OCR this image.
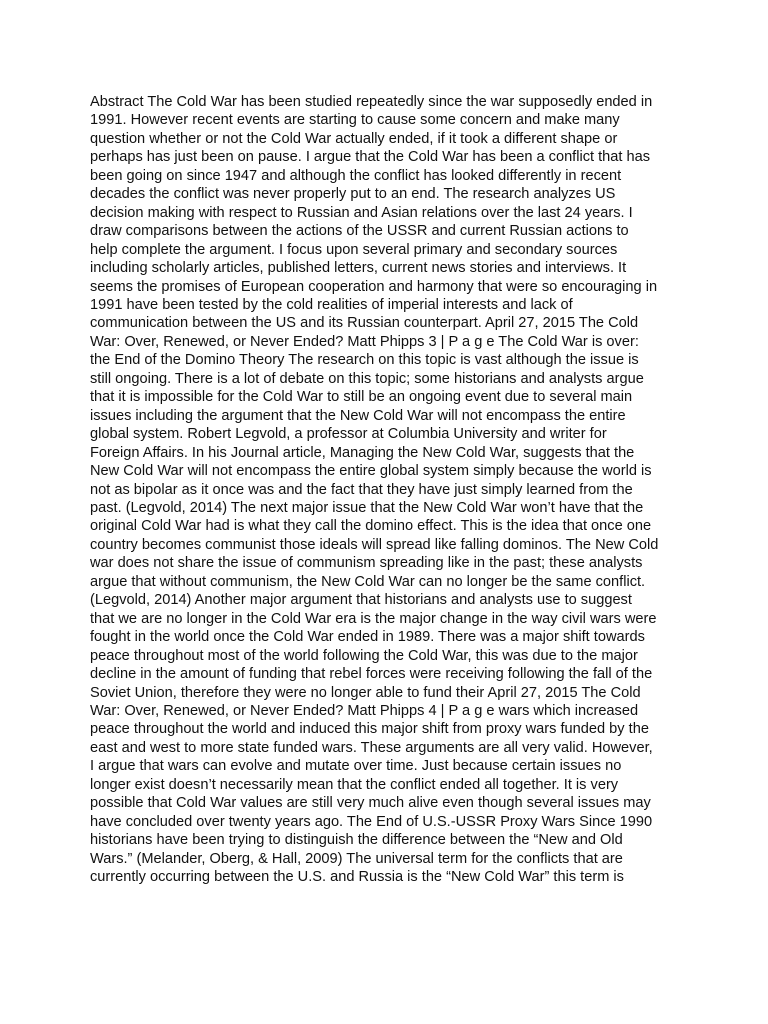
Abstract The Cold War has been studied repeatedly since the war supposedly ended in
1991. However recent events are starting to cause some concern and make many
question whether or not the Cold War actually ended, if it took a different shape or
perhaps has just been on pause. I argue that the Cold War has been a conflict that has
been going on since 1947 and although the conflict has looked differently in recent
decades the conflict was never properly put to an end. The research analyzes US
decision making with respect to Russian and Asian relations over the last 24 years. I
draw comparisons between the actions of the USSR and current Russian actions to
help complete the argument. I focus upon several primary and secondary sources
including scholarly articles, published letters, current news stories and interviews. It
seems the promises of European cooperation and harmony that were so encouraging in
1991 have been tested by the cold realities of imperial interests and lack of
communication between the US and its Russian counterpart. April 27, 2015 The Cold
War: Over, Renewed, or Never Ended? Matt Phipps 3 | P a g e The Cold War is over:
the End of the Domino Theory The research on this topic is vast although the issue is
still ongoing. There is a lot of debate on this topic; some historians and analysts argue
that it is impossible for the Cold War to still be an ongoing event due to several main
issues including the argument that the New Cold War will not encompass the entire
global system. Robert Legvold, a professor at Columbia University and writer for
Foreign Affairs. In his Journal article, Managing the New Cold War, suggests that the
New Cold War will not encompass the entire global system simply because the world is
not as bipolar as it once was and the fact that they have just simply learned from the
past. (Legvold, 2014) The next major issue that the New Cold War won’t have that the
original Cold War had is what they call the domino effect. This is the idea that once one
country becomes communist those ideals will spread like falling dominos. The New Cold
war does not share the issue of communism spreading like in the past; these analysts
argue that without communism, the New Cold War can no longer be the same conflict.
(Legvold, 2014) Another major argument that historians and analysts use to suggest
that we are no longer in the Cold War era is the major change in the way civil wars were
fought in the world once the Cold War ended in 1989. There was a major shift towards
peace throughout most of the world following the Cold War, this was due to the major
decline in the amount of funding that rebel forces were receiving following the fall of the
Soviet Union, therefore they were no longer able to fund their April 27, 2015 The Cold
War: Over, Renewed, or Never Ended? Matt Phipps 4 | P a g e wars which increased
peace throughout the world and induced this major shift from proxy wars funded by the
east and west to more state funded wars. These arguments are all very valid. However,
I argue that wars can evolve and mutate over time. Just because certain issues no
longer exist doesn’t necessarily mean that the conflict ended all together. It is very
possible that Cold War values are still very much alive even though several issues may
have concluded over twenty years ago. The End of U.S.-USSR Proxy Wars Since 1990
historians have been trying to distinguish the difference between the “New and Old
Wars.” (Melander, Oberg, & Hall, 2009) The universal term for the conflicts that are
currently occurring between the U.S. and Russia is the “New Cold War” this term is
